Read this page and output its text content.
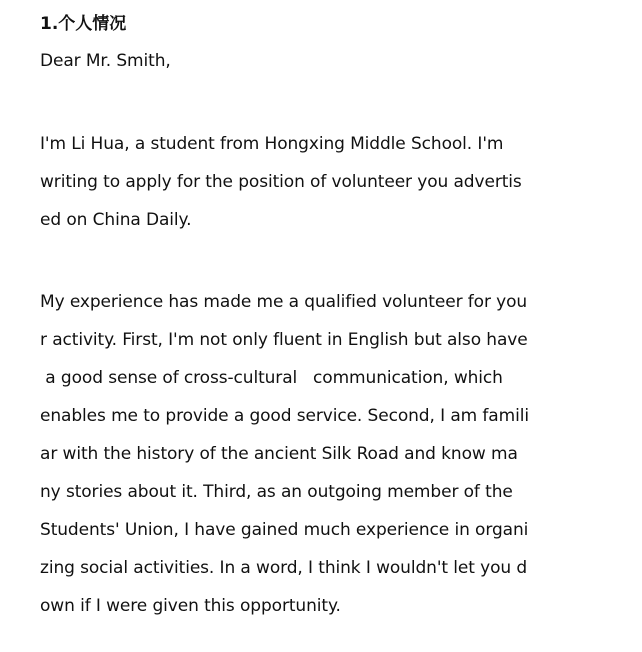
1.个人情况
Dear Mr. Smith,
I'm Li Hua, a student from Hongxing Middle School. I'm
writing to apply for the position of volunteer you advertis
ed on China Daily.
My experience has made me a qualified volunteer for you
r activity. First, I'm not only fluent in English but also have
a good sense of cross-cultural   communication, which
enables me to provide a good service. Second, I am famili
ar with the history of the ancient Silk Road and know ma
ny stories about it. Third, as an outgoing member of the
Students' Union, I have gained much experience in organi
zing social activities. In a word, I think I wouldn't let you d
own if I were given this opportunity.
